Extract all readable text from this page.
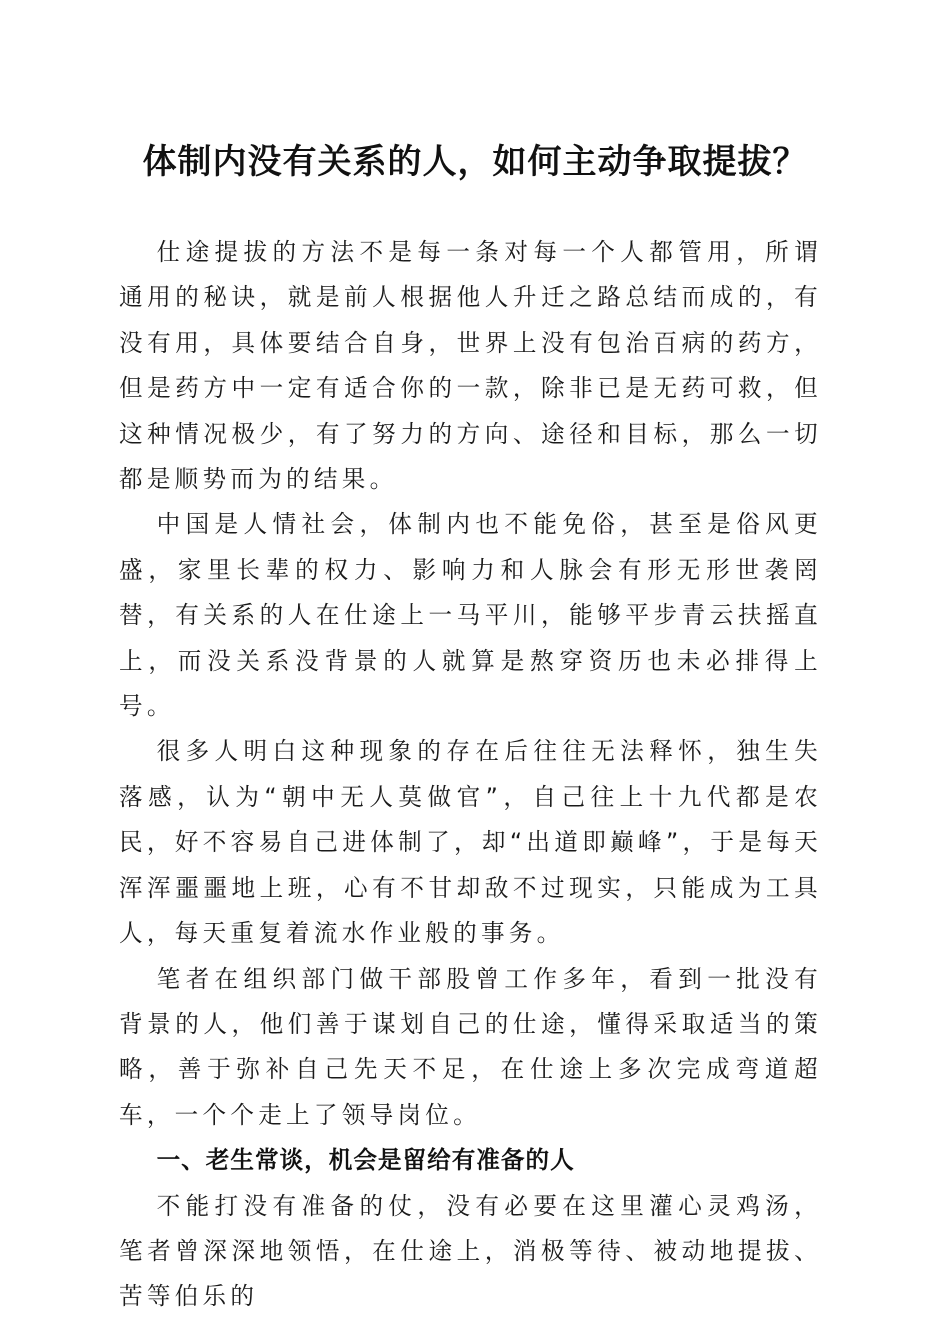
体制内没有关系的人，如何主动争取提拔？

仕途提拔的方法不是每一条对每一个人都管用，所谓通用的秘诀，就是前人根据他人升迁之路总结而成的，有没有用，具体要结合自身，世界上没有包治百病的药方，但是药方中一定有适合你的一款，除非已是无药可救，但这种情况极少，有了努力的方向、途径和目标，那么一切都是顺势而为的结果。

中国是人情社会，体制内也不能免俗，甚至是俗风更盛，家里长辈的权力、影响力和人脉会有形无形世袭罔替，有关系的人在仕途上一马平川，能够平步青云扶摇直上，而没关系没背景的人就算是熬穿资历也未必排得上号。

很多人明白这种现象的存在后往往无法释怀，独生失落感，认为“朝中无人莫做官”，自己往上十九代都是农民，好不容易自己进体制了，却“出道即巅峰”，于是每天浑浑噩噩地上班，心有不甘却敌不过现实，只能成为工具人，每天重复着流水作业般的事务。

笔者在组织部门做干部股曾工作多年，看到一批没有背景的人，他们善于谋划自己的仕途，懂得采取适当的策略，善于弥补自己先天不足，在仕途上多次完成弯道超车，一个个走上了领导岗位。

一、老生常谈，机会是留给有准备的人

不能打没有准备的仗，没有必要在这里灌心灵鸡汤，笔者曾深深地领悟，在仕途上，消极等待、被动地提拔、苦等伯乐的
